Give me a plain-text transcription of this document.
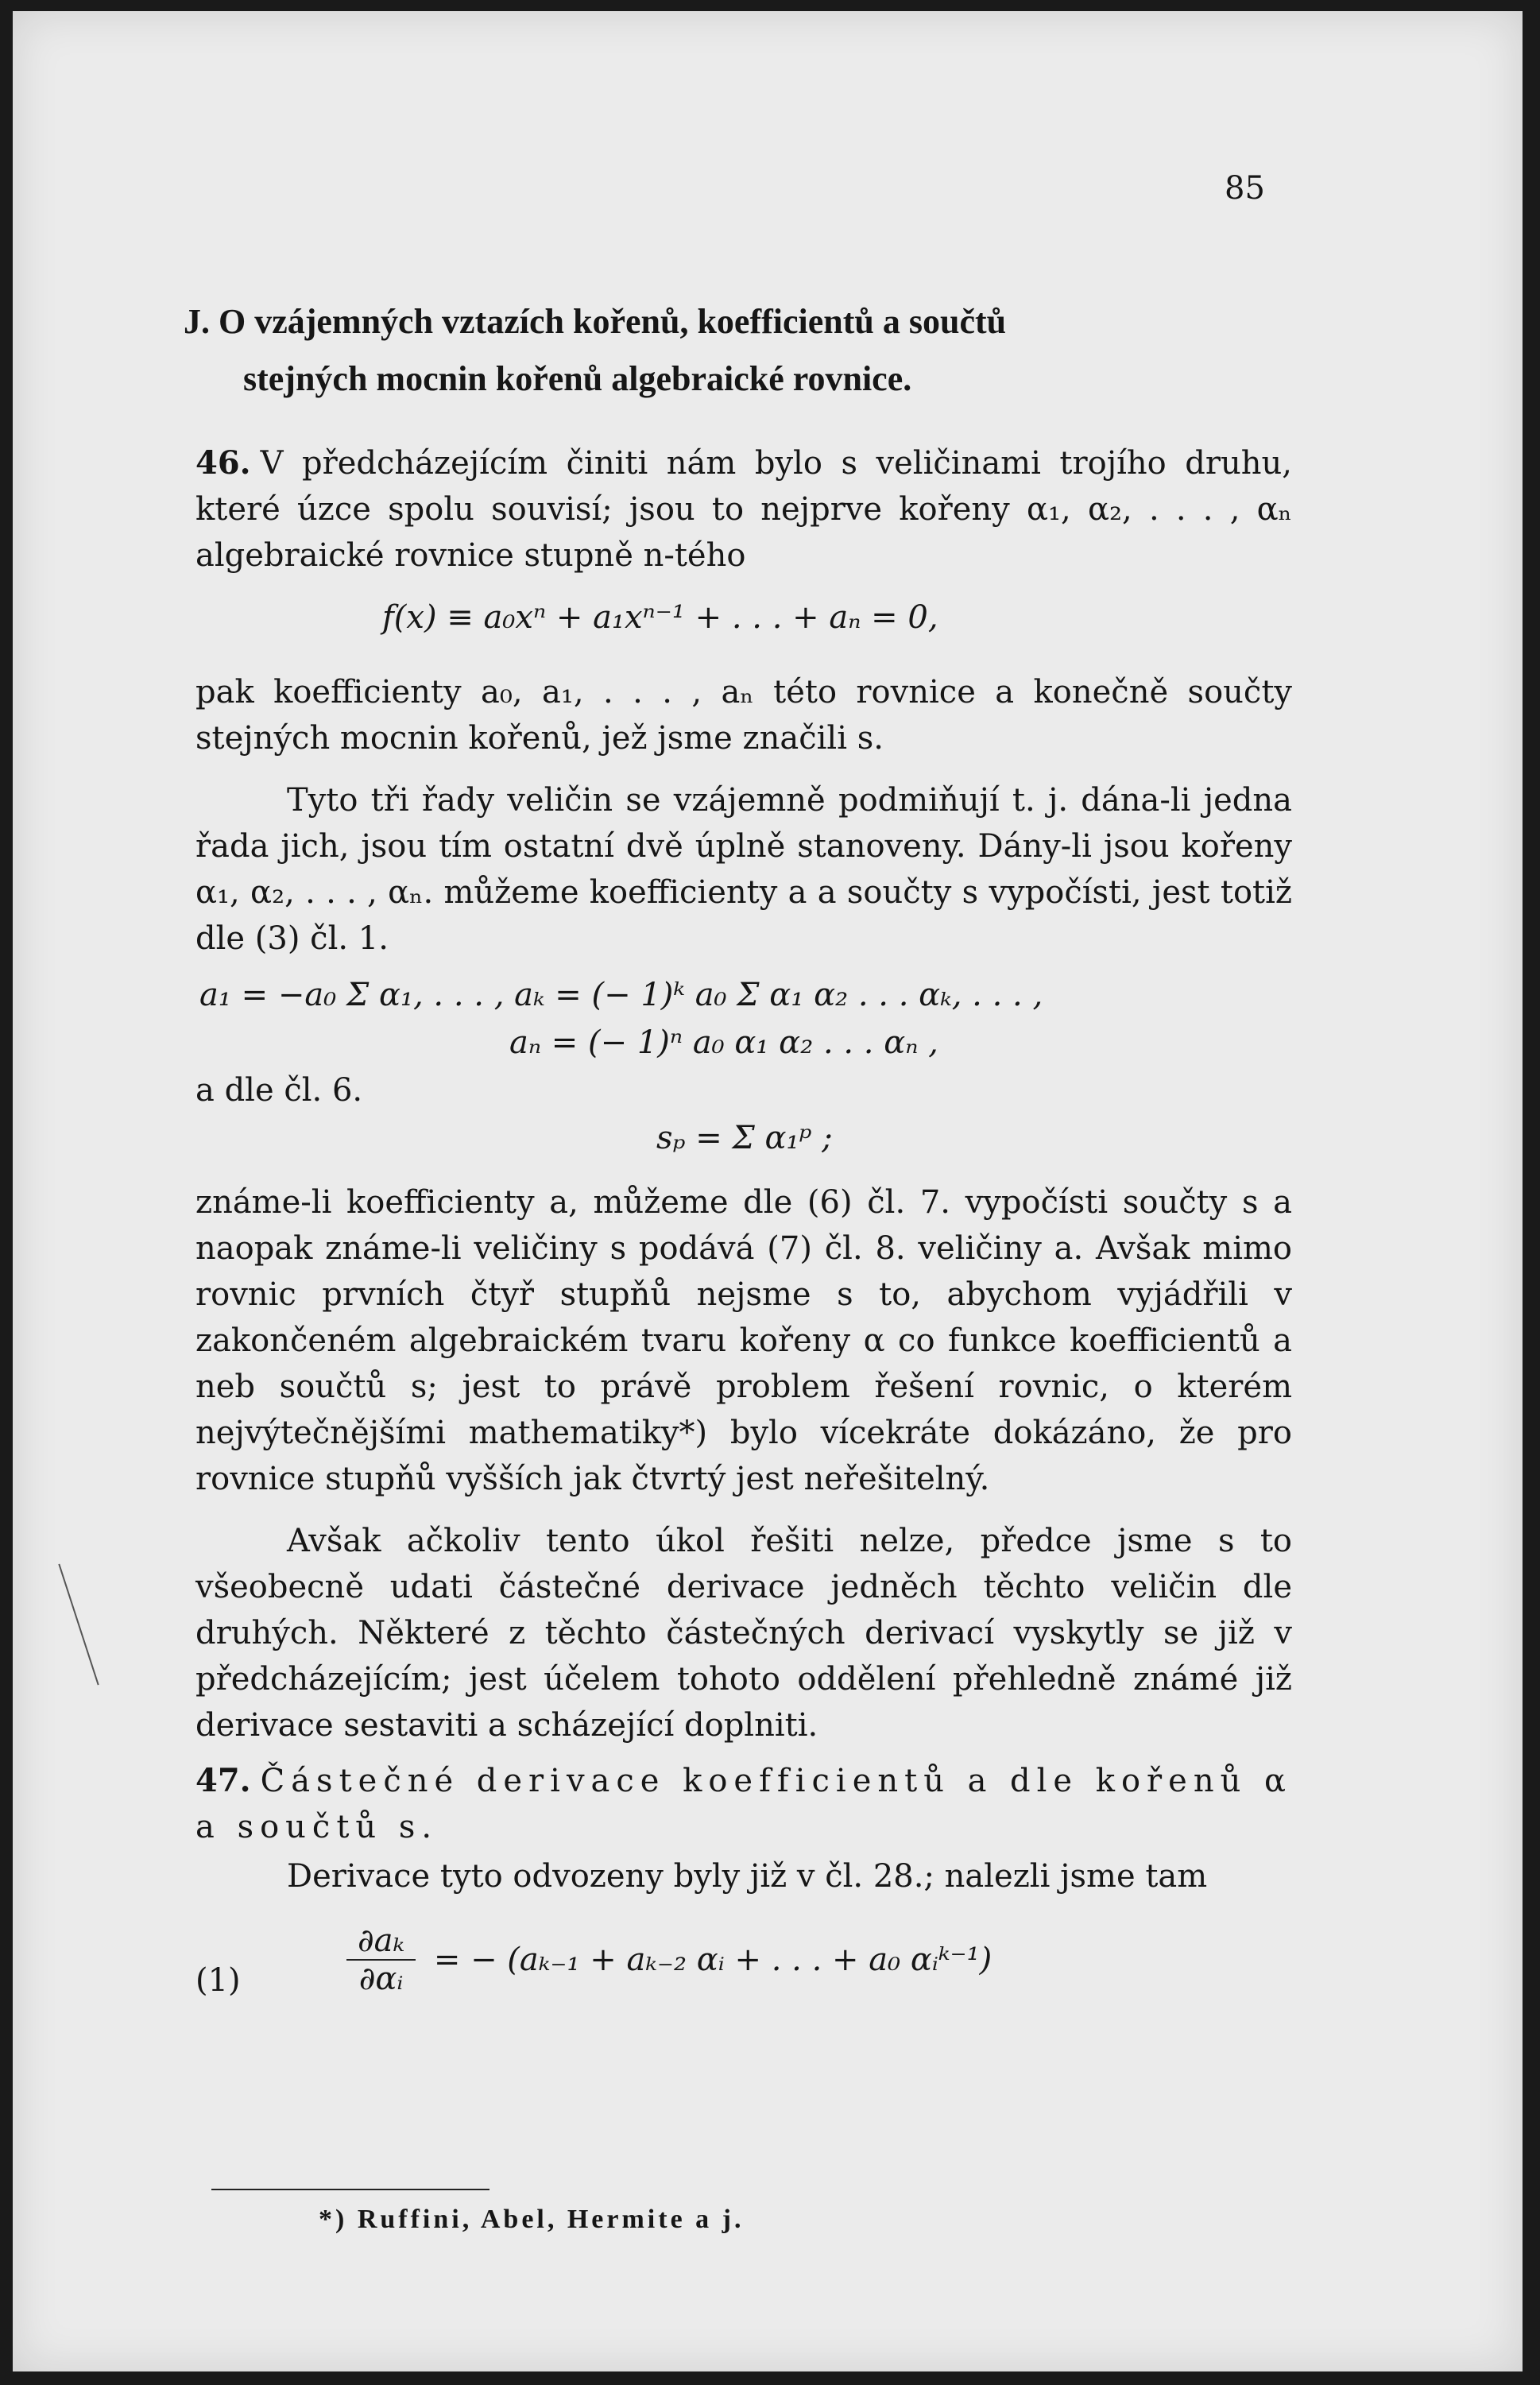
85
J. O vzájemných vztazích kořenů, koefficientů a součtů
stejných mocnin kořenů algebraické rovnice.

46. V předcházejícím činiti nám bylo s veličinami trojího druhu, které úzce spolu souvisí; jsou to nejprve kořeny α₁, α₂, . . . , αₙ algebraické rovnice stupně n-tého

f(x) ≡ a₀xⁿ + a₁xⁿ⁻¹ + . . . + aₙ = 0,

pak koefficienty a₀, a₁, . . . , aₙ této rovnice a konečně součty stejných mocnin kořenů, jež jsme značili s.

Tyto tři řady veličin se vzájemně podmiňují t. j. dána-li jedna řada jich, jsou tím ostatní dvě úplně stanoveny. Dány-li jsou kořeny α₁, α₂, . . . , αₙ. můžeme koefficienty a a součty s vypočísti, jest totiž dle (3) čl. 1.

a₁ = −a₀ Σ α₁, . . . , aₖ = (− 1)ᵏ a₀ Σ α₁ α₂ . . . αₖ, . . . ,
aₙ = (− 1)ⁿ a₀ α₁ α₂ . . . αₙ ,
a dle čl. 6.
sₚ = Σ α₁ᵖ ;

známe-li koefficienty a, můžeme dle (6) čl. 7. vypočísti součty s a naopak známe-li veličiny s podává (7) čl. 8. veličiny a. Avšak mimo rovnic prvních čtyř stupňů nejsme s to, abychom vyjádřili v zakončeném algebraickém tvaru kořeny α co funkce koefficientů a neb součtů s; jest to právě problem řešení rovnic, o kterém nejvýtečnějšími mathematiky*) bylo vícekráte dokázáno, že pro rovnice stupňů vyšších jak čtvrtý jest neřešitelný.

Avšak ačkoliv tento úkol řešiti nelze, předce jsme s to všeobecně udati částečné derivace jedněch těchto veličin dle druhých. Některé z těchto částečných derivací vyskytly se již v předcházejícím; jest účelem tohoto oddělení přehledně známé již derivace sestaviti a scházející doplniti.

47. Částečné derivace koefficientů a dle kořenů α a součtů s.

Derivace tyto odvozeny byly již v čl. 28.; nalezli jsme tam

(1)	$\frac{\text{∂aₖ}}{\text{∂αᵢ}}$ = − (aₖ₋₁ + aₖ₋₂ αᵢ + . . . + a₀ αᵢᵏ⁻¹)
*) Ruffini, Abel, Hermite a j.
